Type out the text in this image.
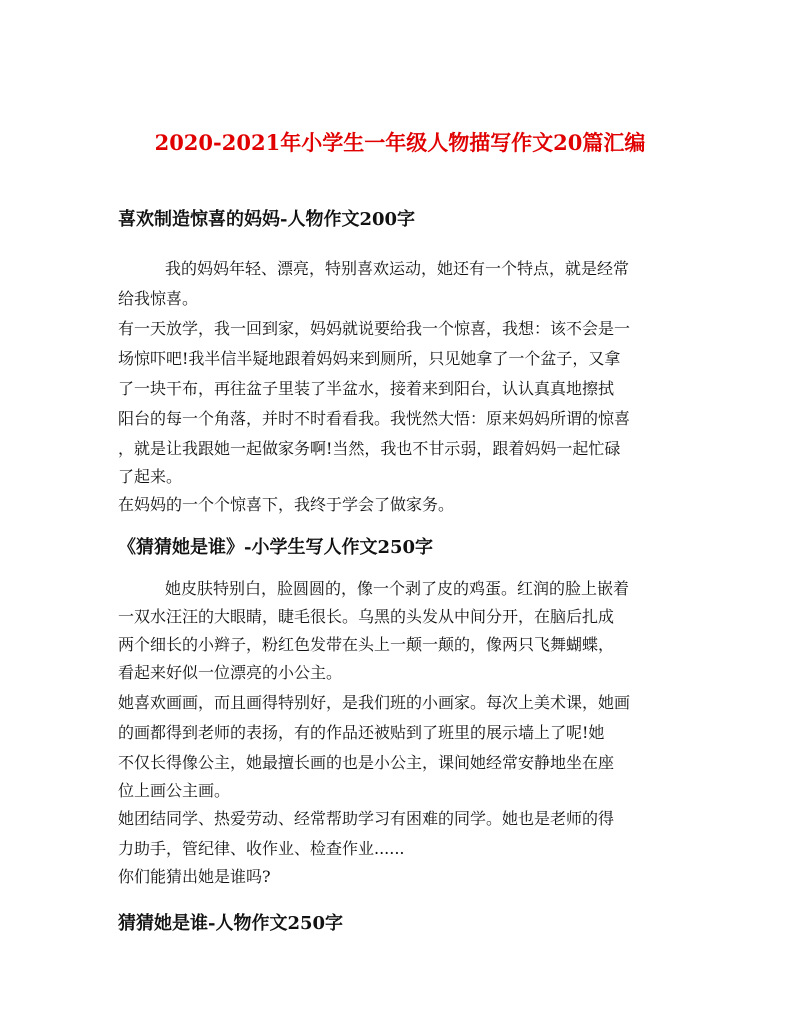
2020-2021年小学生一年级人物描写作文20篇汇编
喜欢制造惊喜的妈妈-人物作文200字
我的妈妈年轻、漂亮，特别喜欢运动，她还有一个特点，就是经常
给我惊喜。
有一天放学，我一回到家，妈妈就说要给我一个惊喜，我想：该不会是一
场惊吓吧!我半信半疑地跟着妈妈来到厕所，只见她拿了一个盆子，又拿
了一块干布，再往盆子里装了半盆水，接着来到阳台，认认真真地擦拭
阳台的每一个角落，并时不时看看我。我恍然大悟：原来妈妈所谓的惊喜
，就是让我跟她一起做家务啊!当然，我也不甘示弱，跟着妈妈一起忙碌
了起来。
在妈妈的一个个惊喜下，我终于学会了做家务。
《猜猜她是谁》-小学生写人作文250字
她皮肤特别白，脸圆圆的，像一个剥了皮的鸡蛋。红润的脸上嵌着
一双水汪汪的大眼睛，睫毛很长。乌黑的头发从中间分开，在脑后扎成
两个细长的小辫子，粉红色发带在头上一颠一颠的，像两只飞舞蝴蝶，
看起来好似一位漂亮的小公主。
她喜欢画画，而且画得特别好，是我们班的小画家。每次上美术课，她画
的画都得到老师的表扬，有的作品还被贴到了班里的展示墙上了呢!她
不仅长得像公主，她最擅长画的也是小公主，课间她经常安静地坐在座
位上画公主画。
她团结同学、热爱劳动、经常帮助学习有困难的同学。她也是老师的得
力助手，管纪律、收作业、检查作业......
你们能猜出她是谁吗?
猜猜她是谁-人物作文250字
